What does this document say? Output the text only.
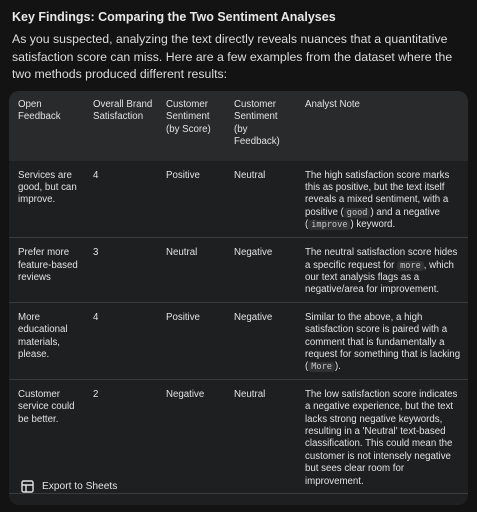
Key Findings: Comparing the Two Sentiment Analyses
As you suspected, analyzing the text directly reveals nuances that a quantitative satisfaction score can miss. Here are a few examples from the dataset where the two methods produced different results:
Open Feedback	Overall Brand Satisfaction	Customer Sentiment (by Score)	Customer Sentiment (by Feedback)	Analyst Note
Services are good, but can improve.	4	Positive	Neutral	The high satisfaction score marks this as positive, but the text itself reveals a mixed sentiment, with a positive ( good ) and a negative ( improve ) keyword.
Prefer more feature-based reviews	3	Neutral	Negative	The neutral satisfaction score hides a specific request for more , which our text analysis flags as a negative/area for improvement.
More educational materials, please.	4	Positive	Negative	Similar to the above, a high satisfaction score is paired with a comment that is fundamentally a request for something that is lacking ( More ).
Customer service could be better.	2	Negative	Neutral	The low satisfaction score indicates a negative experience, but the text lacks strong negative keywords, resulting in a 'Neutral' text-based classification. This could mean the customer is not intensely negative but sees clear room for improvement.
Export to Sheets
